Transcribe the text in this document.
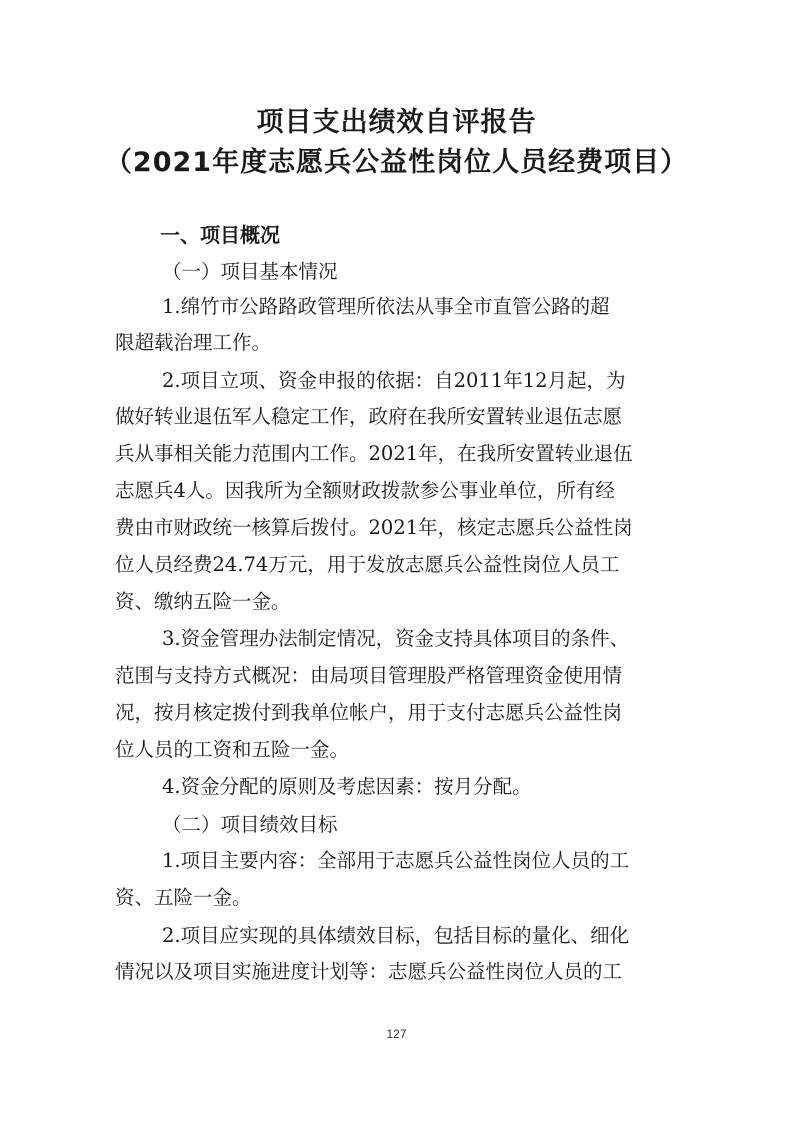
项目支出绩效自评报告
（2021年度志愿兵公益性岗位人员经费项目）
一、项目概况
（一）项目基本情况
1.绵竹市公路路政管理所依法从事全市直管公路的超
限超载治理工作。
2.项目立项、资金申报的依据：自2011年12月起，为
做好转业退伍军人稳定工作，政府在我所安置转业退伍志愿
兵从事相关能力范围内工作。2021年，在我所安置转业退伍
志愿兵4人。因我所为全额财政拨款参公事业单位，所有经
费由市财政统一核算后拨付。2021年，核定志愿兵公益性岗
位人员经费24.74万元，用于发放志愿兵公益性岗位人员工
资、缴纳五险一金。
3.资金管理办法制定情况，资金支持具体项目的条件、
范围与支持方式概况：由局项目管理股严格管理资金使用情
况，按月核定拨付到我单位帐户，用于支付志愿兵公益性岗
位人员的工资和五险一金。
4.资金分配的原则及考虑因素：按月分配。
（二）项目绩效目标
1.项目主要内容：全部用于志愿兵公益性岗位人员的工
资、五险一金。
2.项目应实现的具体绩效目标，包括目标的量化、细化
情况以及项目实施进度计划等：志愿兵公益性岗位人员的工
127
